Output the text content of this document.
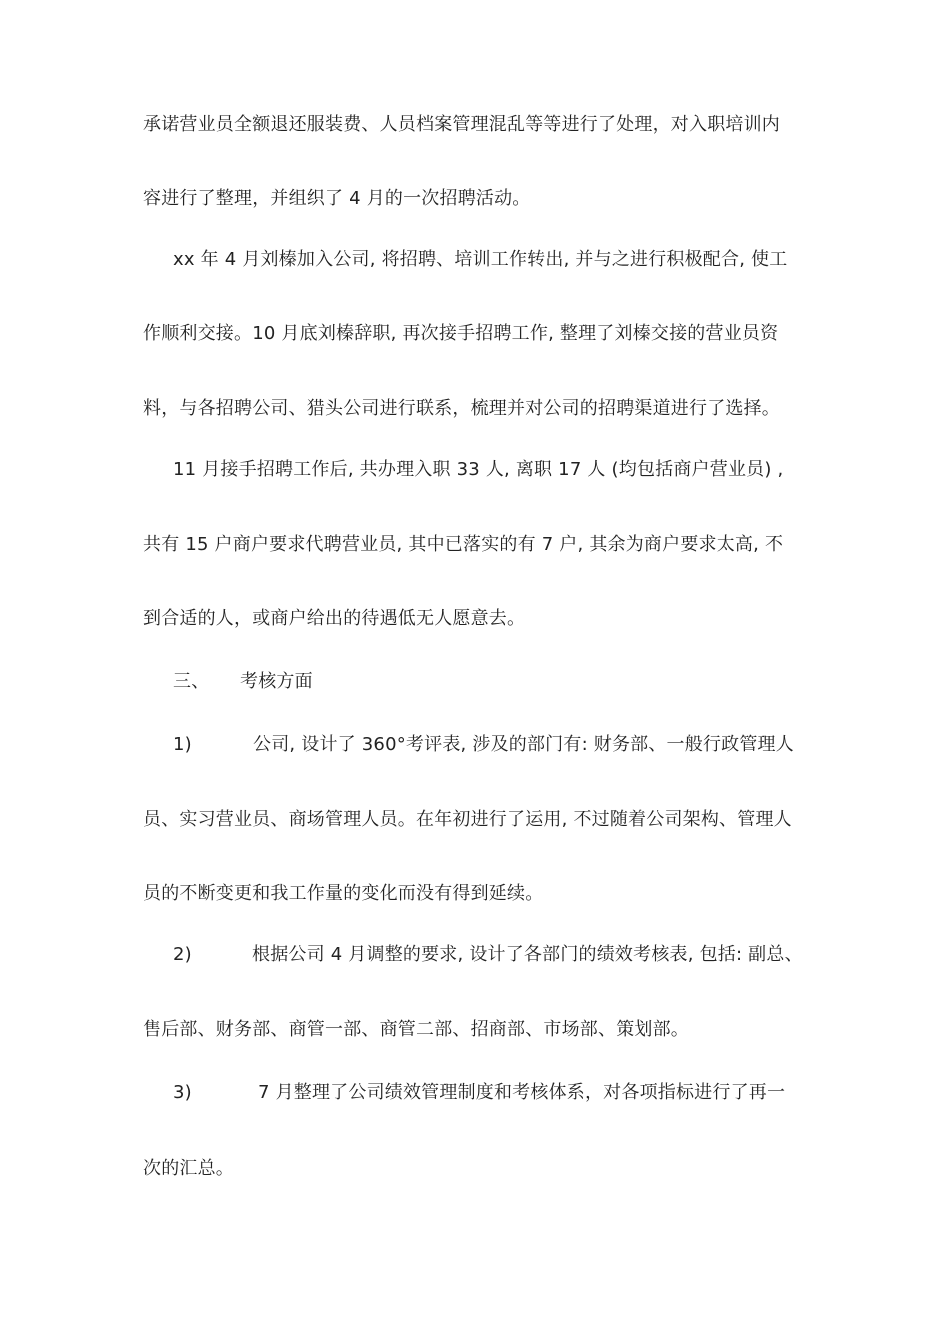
承诺营业员全额退还服装费、人员档案管理混乱等等进行了处理，对入职培训内
容进行了整理，并组织了 4 月的一次招聘活动。
xx 年 4 月刘榛加入公司, 将招聘、培训工作转出, 并与之进行积极配合, 使工
作顺利交接。10 月底刘榛辞职, 再次接手招聘工作, 整理了刘榛交接的营业员资
料，与各招聘公司、猎头公司进行联系，梳理并对公司的招聘渠道进行了选择。
11 月接手招聘工作后, 共办理入职 33 人, 离职 17 人 (均包括商户营业员) ,
共有 15 户商户要求代聘营业员, 其中已落实的有 7 户, 其余为商户要求太高, 不
到合适的人，或商户给出的待遇低无人愿意去。
三、 考核方面
1)	公司, 设计了 360°考评表, 涉及的部门有: 财务部、一般行政管理人
员、实习营业员、商场管理人员。在年初进行了运用, 不过随着公司架构、管理人
员的不断变更和我工作量的变化而没有得到延续。
2)	根据公司 4 月调整的要求, 设计了各部门的绩效考核表, 包括: 副总、
售后部、财务部、商管一部、商管二部、招商部、市场部、策划部。
3)	7 月整理了公司绩效管理制度和考核体系，对各项指标进行了再一
次的汇总。
